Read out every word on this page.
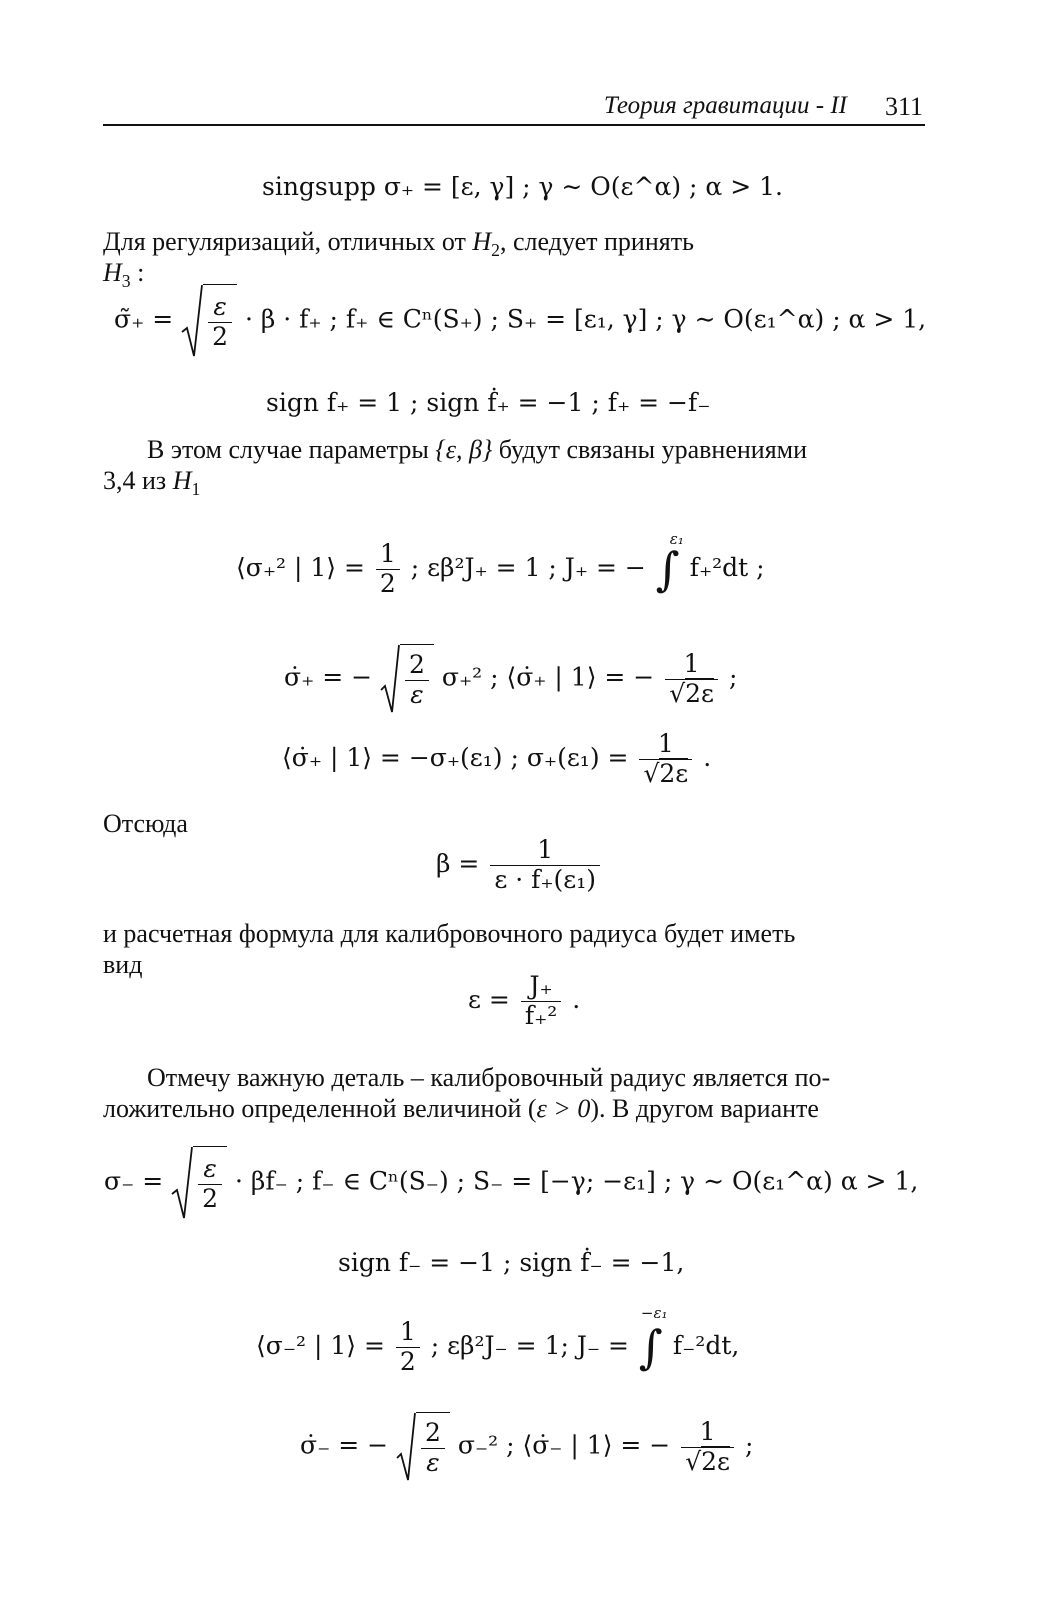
Теория гравитации - II 311
singsupp σ₊ = [ε, γ] ; γ ∼ O(ε^α) ; α > 1.
Для регуляризаций, отличных от $H_2$, следует принять
$H_3$ :
σ̃₊ = $\frac{\varepsilon}{2} \cdot \beta \cdot f_+$ ; f₊ ∈ Cⁿ(S₊) ; S₊ = [ε₁, γ] ; γ ∼ O(ε₁^α) ; α > 1,
sign f₊ = 1 ; sign ḟ₊ = −1 ; f₊ = −f₋
В этом случае параметры {ε, β} будут связаны уравнениями
3,4 из $H_1$
⟨σ₊² | 1⟩ = $\frac{1}{2}$ ; εβ²J₊ = 1 ; J₊ = − ∫
ε₁
f₊²dt ;
σ̇₊ = − $\frac{2}{\varepsilon} \sigma_+^2$ ; ⟨σ̇₊ | 1⟩ = − $\frac{1}{√2\varepsilon}$ ;
⟨σ̇₊ | 1⟩ = −σ₊(ε₁) ; $\sigma_+(\varepsilon_1) = \frac{1}{√2\varepsilon}$ .
Отсюда
$\beta = \frac{1}{\text{ε · f₊(ε₁)}}$
и расчетная формула для калибровочного радиуса будет иметь
вид
$\varepsilon = \frac{J_+}{\text{f₊²}}$ .
Отмечу важную деталь – калибровочный радиус является по-
ложительно определенной величиной (ε > 0). В другом варианте
$\sigma_- = \frac{\varepsilon}{2} \cdot \beta f_-$ ; f₋ ∈ Cⁿ(S₋) ; S₋ = [−γ; −ε₁] ; γ ∼ O(ε₁^α) α > 1,
sign f₋ = −1 ; sign ḟ₋ = −1,
⟨σ₋² | 1⟩ = $\frac{1}{2}$ ; εβ²J₋ = 1; J₋ = ∫
−ε₁
f₋²dt,
σ̇₋ = − $\frac{2}{\varepsilon} \sigma_-^2$ ; ⟨σ̇₋ | 1⟩ = − $\frac{1}{√2\varepsilon}$ ;
